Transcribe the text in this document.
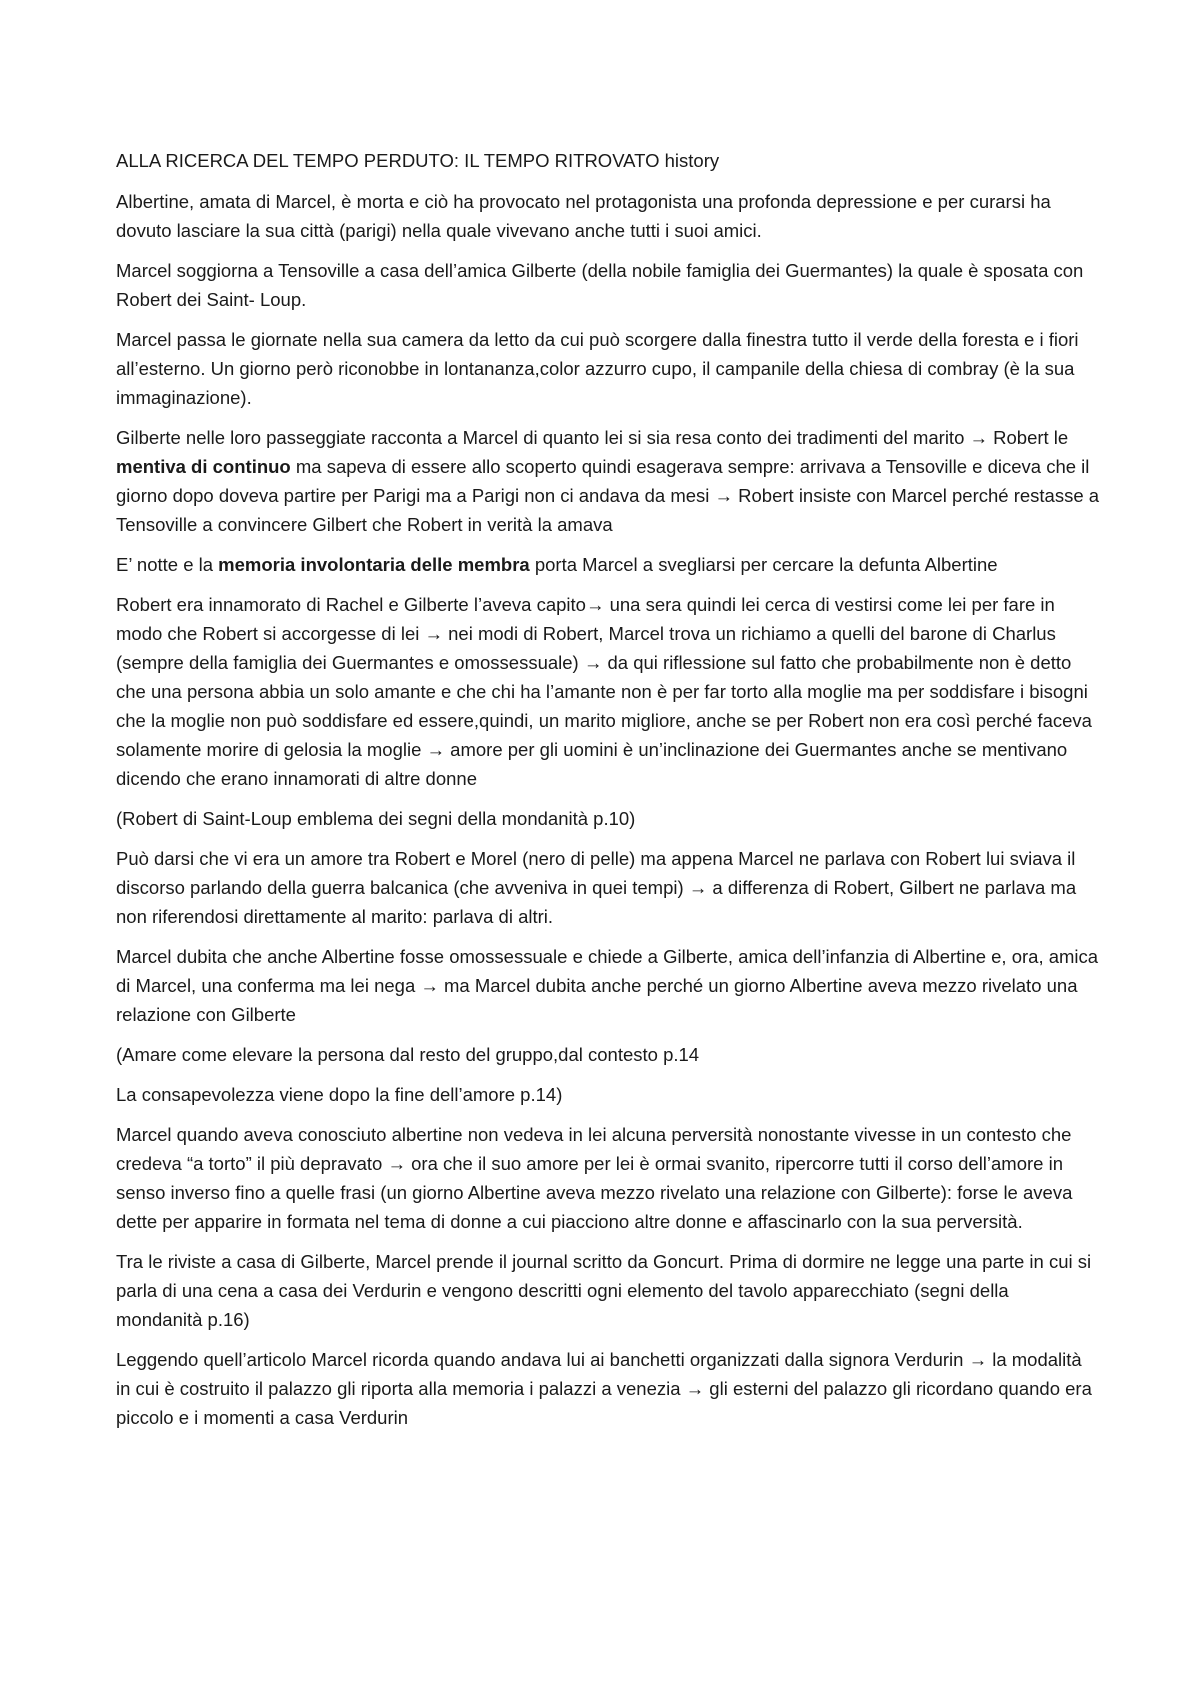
ALLA RICERCA DEL TEMPO PERDUTO: IL TEMPO RITROVATO history

Albertine, amata di Marcel, è morta e ciò ha provocato nel protagonista una profonda depressione e per curarsi ha dovuto lasciare la sua città (parigi) nella quale vivevano anche tutti i suoi amici.

Marcel soggiorna a Tensoville a casa dell’amica Gilberte (della nobile famiglia dei Guermantes) la quale è sposata con Robert dei Saint- Loup.

Marcel passa le giornate nella sua camera da letto da cui può scorgere dalla finestra tutto il verde della foresta e i fiori all’esterno. Un giorno però riconobbe in lontananza,color azzurro cupo, il campanile della chiesa di combray (è la sua immaginazione).

Gilberte nelle loro passeggiate racconta a Marcel di quanto lei si sia resa conto dei tradimenti del marito → Robert le mentiva di continuo ma sapeva di essere allo scoperto quindi esagerava sempre: arrivava a Tensoville e diceva che il giorno dopo doveva partire per Parigi ma a Parigi non ci andava da mesi → Robert insiste con Marcel perché restasse a Tensoville a convincere Gilbert che Robert in verità la amava

E’ notte e la memoria involontaria delle membra porta Marcel a svegliarsi per cercare la defunta Albertine

Robert era innamorato di Rachel e Gilberte l’aveva capito→ una sera quindi lei cerca di vestirsi come lei per fare in modo che Robert si accorgesse di lei → nei modi di Robert, Marcel trova un richiamo a quelli del barone di Charlus (sempre della famiglia dei Guermantes e omossessuale) → da qui riflessione sul fatto che probabilmente non è detto che una persona abbia un solo amante e che chi ha l’amante non è per far torto alla moglie ma per soddisfare i bisogni che la moglie non può soddisfare ed essere,quindi, un marito migliore, anche se per Robert non era così perché faceva solamente morire di gelosia la moglie → amore per gli uomini è un’inclinazione dei Guermantes anche se mentivano dicendo che erano innamorati di altre donne

(Robert di Saint-Loup emblema dei segni della mondanità p.10)

Può darsi che vi era un amore tra Robert e Morel (nero di pelle) ma appena Marcel ne parlava con Robert lui sviava il discorso parlando della guerra balcanica (che avveniva in quei tempi) → a differenza di Robert, Gilbert ne parlava ma non riferendosi direttamente al marito: parlava di altri.

Marcel dubita che anche Albertine fosse omossessuale e chiede a Gilberte, amica dell’infanzia di Albertine e, ora, amica di Marcel, una conferma ma lei nega → ma Marcel dubita anche perché un giorno Albertine aveva mezzo rivelato una relazione con Gilberte

(Amare come elevare la persona dal resto del gruppo,dal contesto p.14

La consapevolezza viene dopo la fine dell’amore p.14)

Marcel quando aveva conosciuto albertine non vedeva in lei alcuna perversità nonostante vivesse in un contesto che credeva “a torto” il più depravato → ora che il suo amore per lei è ormai svanito, ripercorre tutti il corso dell’amore in senso inverso fino a quelle frasi (un giorno Albertine aveva mezzo rivelato una relazione con Gilberte): forse le aveva dette per apparire in formata nel tema di donne a cui piacciono altre donne e affascinarlo con la sua perversità.

Tra le riviste a casa di Gilberte, Marcel prende il journal scritto da Goncurt. Prima di dormire ne legge una parte in cui si parla di una cena a casa dei Verdurin e vengono descritti ogni elemento del tavolo apparecchiato (segni della mondanità p.16)

Leggendo quell’articolo Marcel ricorda quando andava lui ai banchetti organizzati dalla signora Verdurin → la modalità in cui è costruito il palazzo gli riporta alla memoria i palazzi a venezia → gli esterni del palazzo gli ricordano quando era piccolo e i momenti a casa Verdurin
